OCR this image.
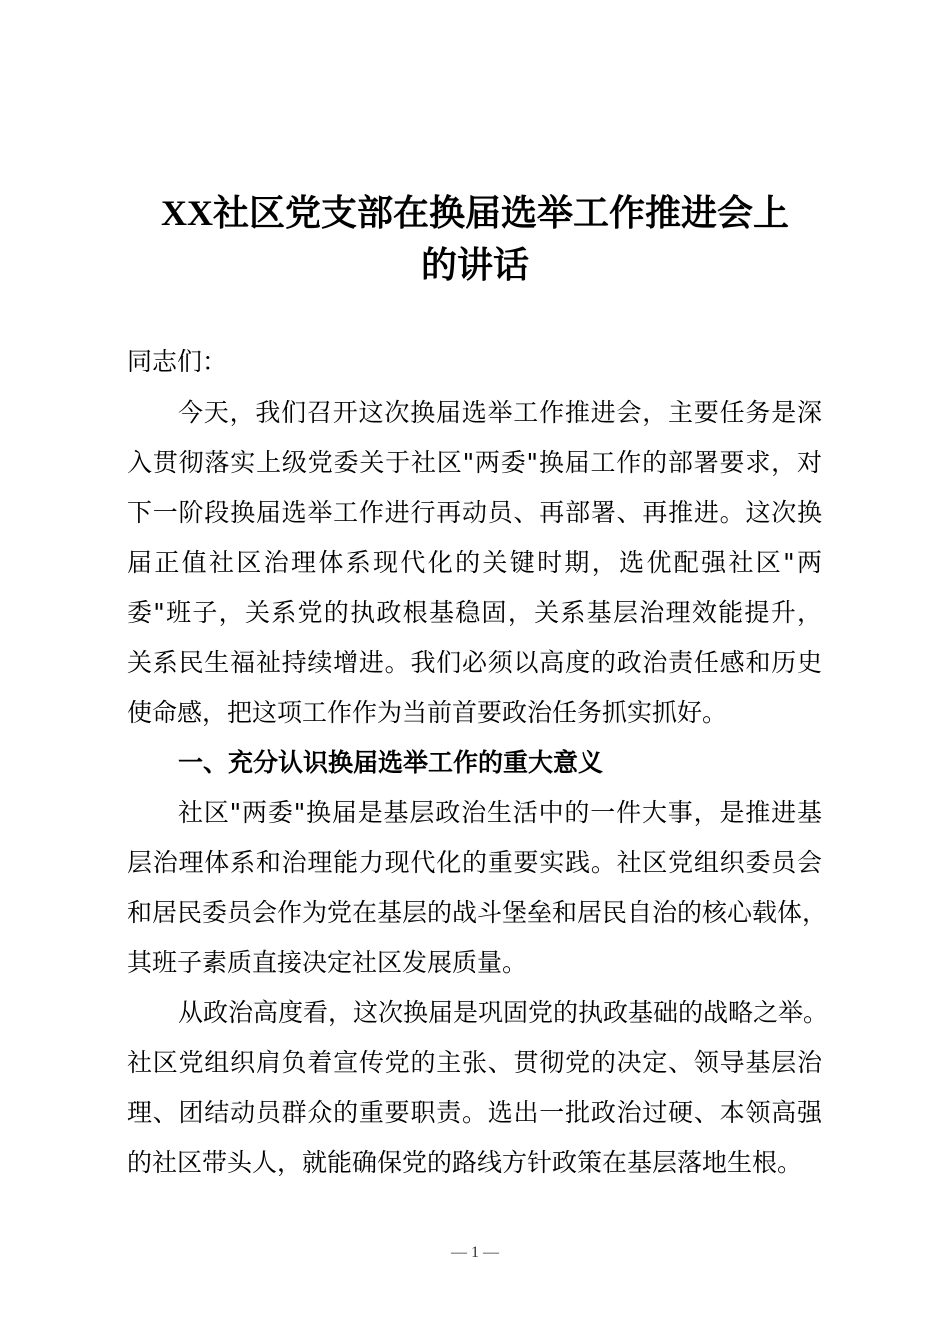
XX社区党支部在换届选举工作推进会上
的讲话
同志们：
今天，我们召开这次换届选举工作推进会，主要任务是深
入贯彻落实上级党委关于社区"两委"换届工作的部署要求，对
下一阶段换届选举工作进行再动员、再部署、再推进。这次换
届正值社区治理体系现代化的关键时期，选优配强社区"两
委"班子，关系党的执政根基稳固，关系基层治理效能提升，
关系民生福祉持续增进。我们必须以高度的政治责任感和历史
使命感，把这项工作作为当前首要政治任务抓实抓好。
一、充分认识换届选举工作的重大意义
社区"两委"换届是基层政治生活中的一件大事，是推进基
层治理体系和治理能力现代化的重要实践。社区党组织委员会
和居民委员会作为党在基层的战斗堡垒和居民自治的核心载体，
其班子素质直接决定社区发展质量。
从政治高度看，这次换届是巩固党的执政基础的战略之举。
社区党组织肩负着宣传党的主张、贯彻党的决定、领导基层治
理、团结动员群众的重要职责。选出一批政治过硬、本领高强
的社区带头人，就能确保党的路线方针政策在基层落地生根。
— 1 —
